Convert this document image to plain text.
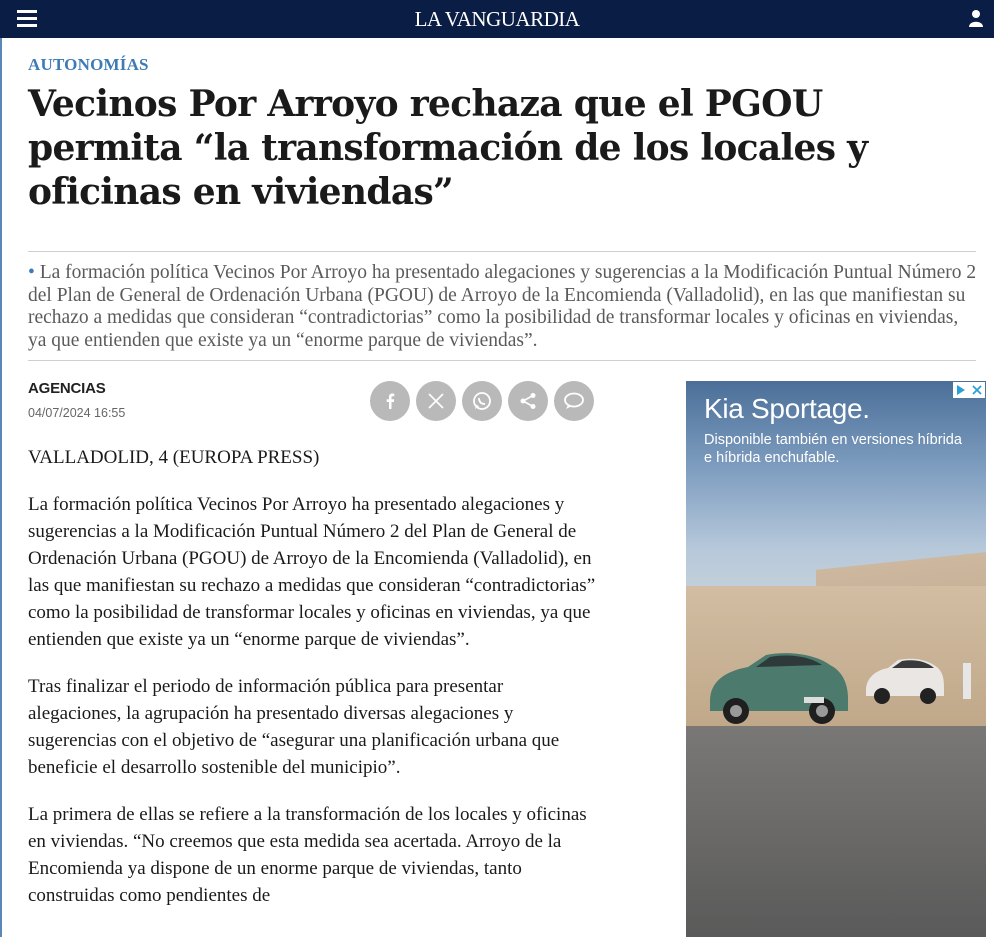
LA VANGUARDIA
AUTONOMÍAS
Vecinos Por Arroyo rechaza que el PGOU permita “la transformación de los locales y oficinas en viviendas”
• La formación política Vecinos Por Arroyo ha presentado alegaciones y sugerencias a la Modificación Puntual Número 2 del Plan de General de Ordenación Urbana (PGOU) de Arroyo de la Encomienda (Valladolid), en las que manifiestan su rechazo a medidas que consideran “contradictorias” como la posibilidad de transformar locales y oficinas en viviendas, ya que entienden que existe ya un “enorme parque de viviendas”.
AGENCIAS
04/07/2024 16:55

VALLADOLID, 4 (EUROPA PRESS)

La formación política Vecinos Por Arroyo ha presentado alegaciones y sugerencias a la Modificación Puntual Número 2 del Plan de General de Ordenación Urbana (PGOU) de Arroyo de la Encomienda (Valladolid), en las que manifiestan su rechazo a medidas que consideran “contradictorias” como la posibilidad de transformar locales y oficinas en viviendas, ya que entienden que existe ya un “enorme parque de viviendas”.

Tras finalizar el periodo de información pública para presentar alegaciones, la agrupación ha presentado diversas alegaciones y sugerencias con el objetivo de “asegurar una planificación urbana que beneficie el desarrollo sostenible del municipio”.

La primera de ellas se refiere a la transformación de los locales y oficinas en viviendas. “No creemos que esta medida sea acertada. Arroyo de la Encomienda ya dispone de un enorme parque de viviendas, tanto construidas como pendientes de

Kia Sportage.
Disponible también en versiones híbrida e híbrida enchufable.
